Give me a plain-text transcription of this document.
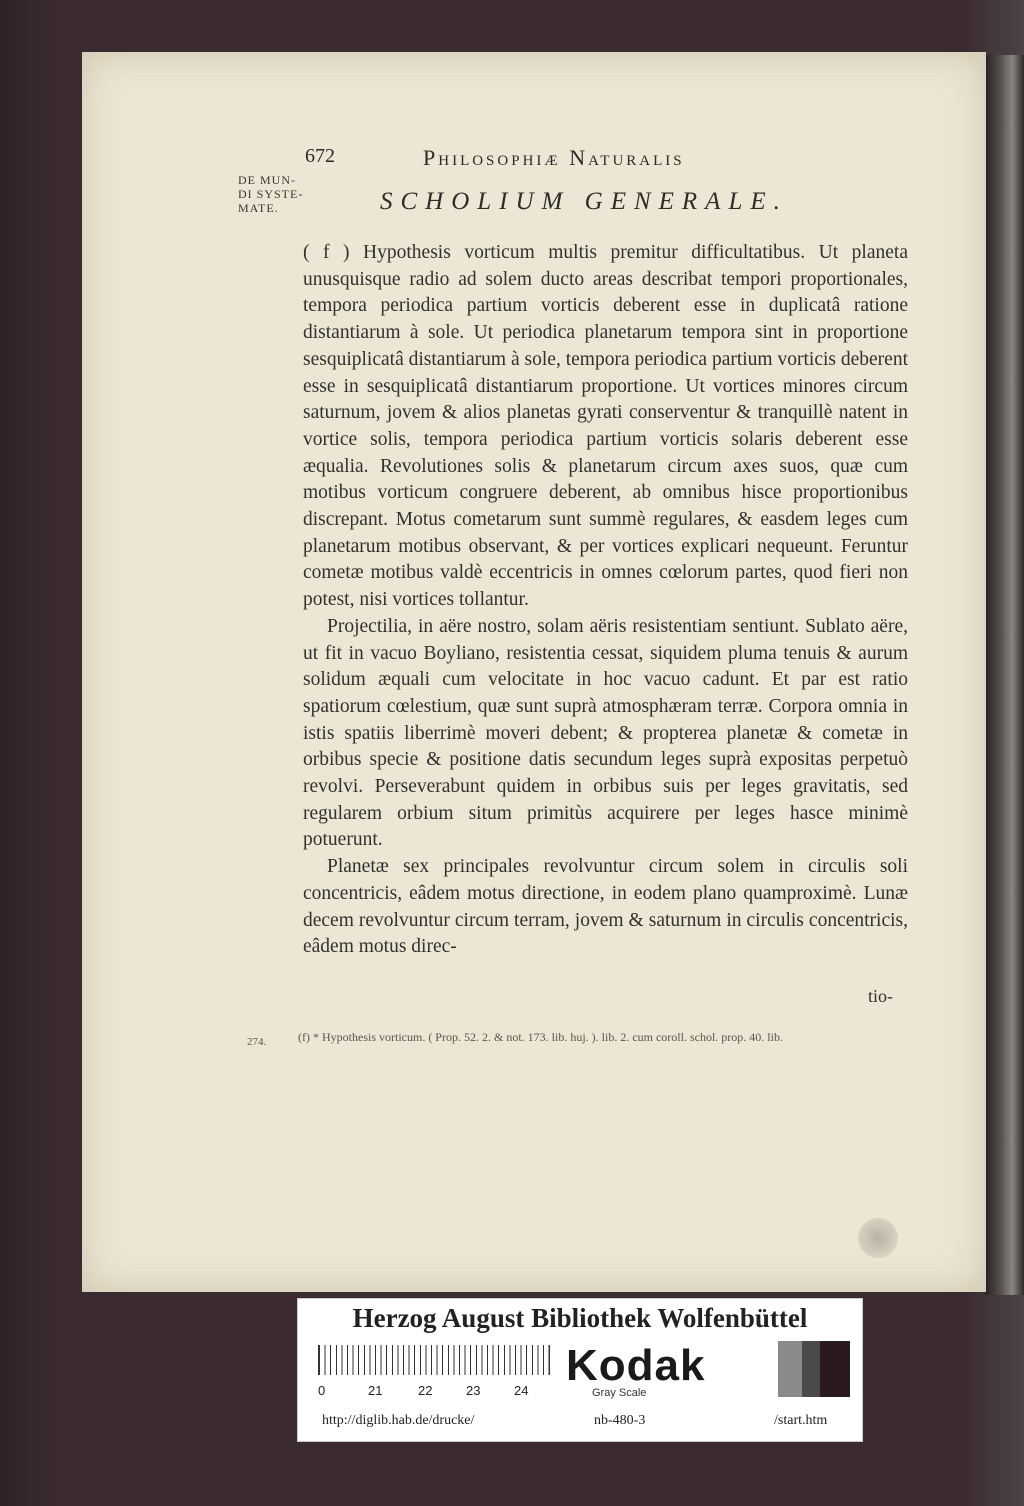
672	Philosophiæ Naturalis
DE MUN- DI SYSTE- MATE.	SCHOLIUM GENERALE.

( f ) Hypothesis vorticum multis premitur difficultatibus. Ut planeta unusquisque radio ad solem ducto areas describat tempori proportionales, tempora periodica partium vorticis deberent esse in duplicatâ ratione distantiarum à sole. Ut periodica planetarum tempora sint in proportione sesquiplicatâ distantiarum à sole, tempora periodica partium vorticis deberent esse in sesquiplicatâ distantiarum proportione. Ut vortices minores circum saturnum, jovem & alios planetas gyrati conserventur & tranquillè natent in vortice solis, tempora periodica partium vorticis solaris deberent esse æqualia. Revolutiones solis & planetarum circum axes suos, quæ cum motibus vorticum congruere deberent, ab omnibus hisce proportionibus discrepant. Motus cometarum sunt summè regulares, & easdem leges cum planetarum motibus observant, & per vortices explicari nequeunt. Feruntur cometæ motibus valdè eccentricis in omnes cœlorum partes, quod fieri non potest, nisi vortices tollantur.

Projectilia, in aëre nostro, solam aëris resistentiam sentiunt. Sublato aëre, ut fit in vacuo Boyliano, resistentia cessat, siquidem pluma tenuis & aurum solidum æquali cum velocitate in hoc vacuo cadunt. Et par est ratio spatiorum cœlestium, quæ sunt suprà atmosphæram terræ. Corpora omnia in istis spatiis liberrimè moveri debent; & propterea planetæ & cometæ in orbibus specie & positione datis secundum leges suprà expositas perpetuò revolvi. Perseverabunt quidem in orbibus suis per leges gravitatis, sed regularem orbium situm primitùs acquirere per leges hasce minimè potuerunt.

Planetæ sex principales revolvuntur circum solem in circulis soli concentricis, eâdem motus directione, in eodem plano quamproximè. Lunæ decem revolvuntur circum terram, jovem & saturnum in circulis concentricis, eâdem motus direc-

tio-
274.	(f) * Hypothesis vorticum. ( Prop. 52. 2. & not. 173. lib. huj. ). lib. 2. cum coroll. schol. prop. 40. lib.
Herzog August Bibliothek Wolfenbüttel
0	21	22	23	24
Kodak
Gray Scale
http://diglib.hab.de/drucke/	nb-480-3	/start.htm
